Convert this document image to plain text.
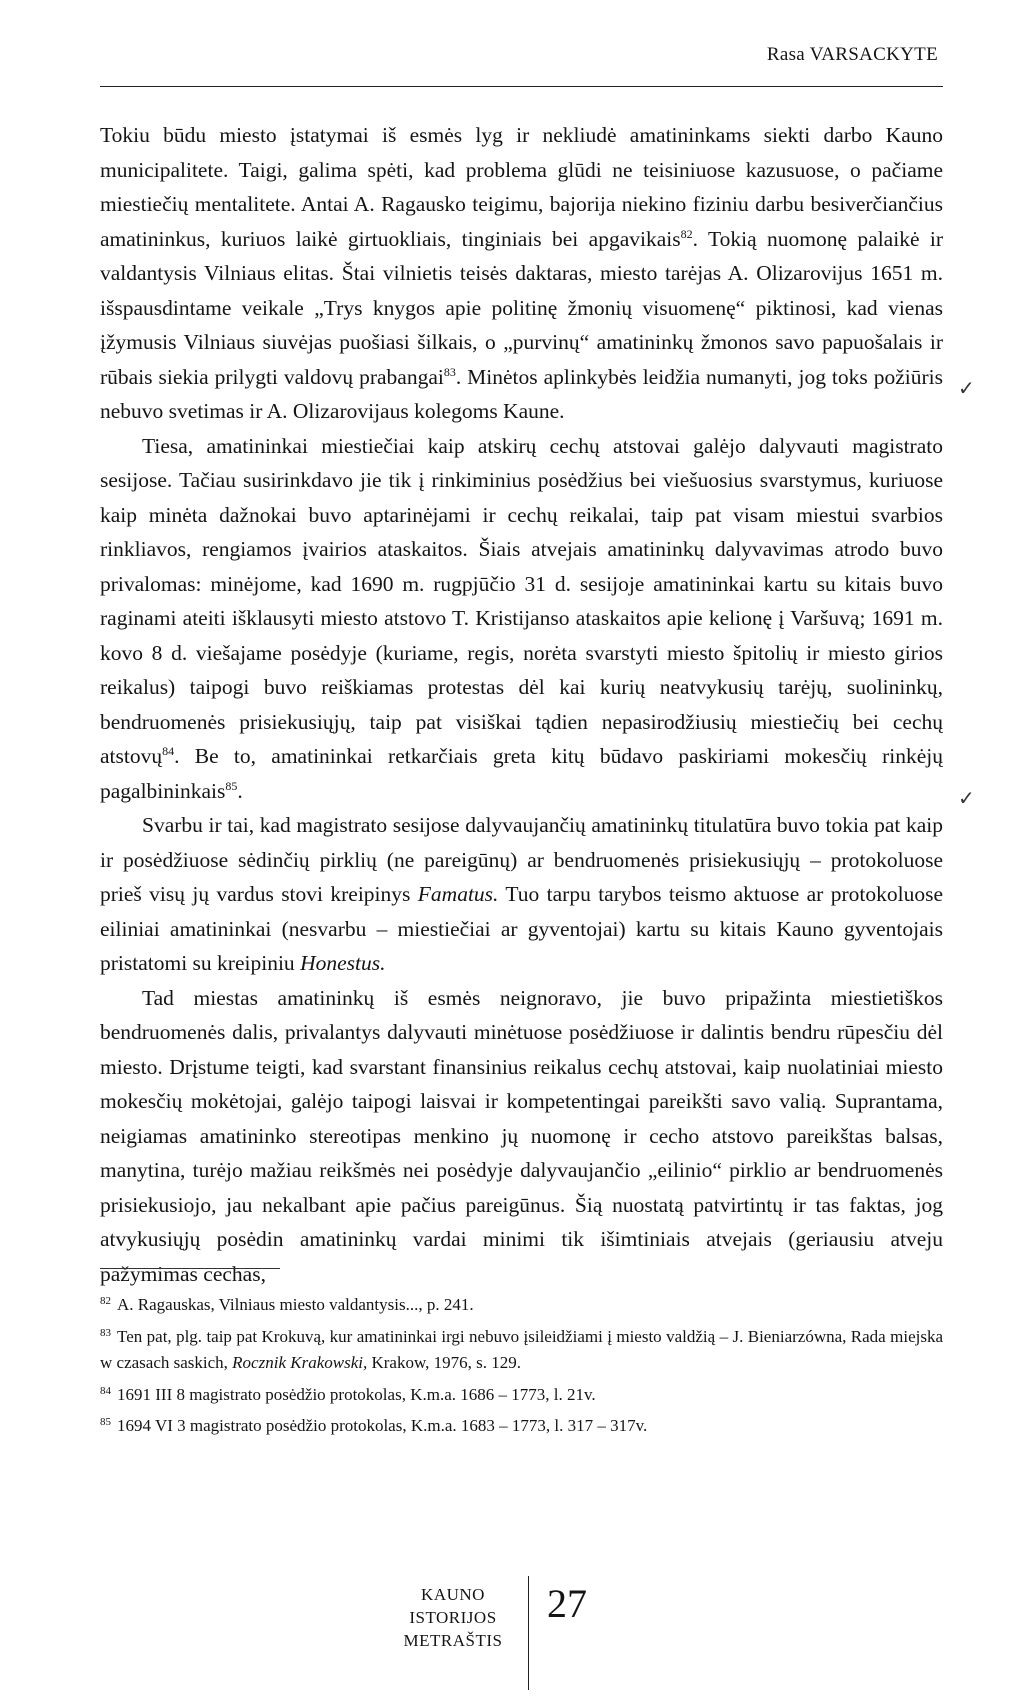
Rasa VARSACKYTE

Tokiu būdu miesto įstatymai iš esmės lyg ir nekliudė amatininkams siekti darbo Kauno municipalitete. Taigi, galima spėti, kad problema glūdi ne teisiniuose kazusuose, o pačiame miestiečių mentalitete. Antai A. Ragausko teigimu, bajorija niekino fiziniu darbu besiverčiančius amatininkus, kuriuos laikė girtuokliais, tinginiais bei apgavikais$^{82}$. Tokią nuomonę palaikė ir valdantysis Vilniaus elitas. Štai vilnietis teisės daktaras, miesto tarėjas A. Olizarovijus 1651 m. išspausdintame veikale „Trys knygos apie politinę žmonių visuomenę“ piktinosi, kad vienas įžymusis Vilniaus siuvėjas puošiasi šilkais, o „purvinų“ amatininkų žmonos savo papuošalais ir rūbais siekia prilygti valdovų prabangai$^{83}$. Minėtos aplinkybės leidžia numanyti, jog toks požiūris nebuvo svetimas ir A. Olizarovijaus kolegoms Kaune.

Tiesa, amatininkai miestiečiai kaip atskirų cechų atstovai galėjo dalyvauti magistrato sesijose. Tačiau susirinkdavo jie tik į rinkiminius posėdžius bei viešuosius svarstymus, kuriuose kaip minėta dažnokai buvo aptarinėjami ir cechų reikalai, taip pat visam miestui svarbios rinkliavos, rengiamos įvairios ataskaitos. Šiais atvejais amatininkų dalyvavimas atrodo buvo privalomas: minėjome, kad 1690 m. rugpjūčio 31 d. sesijoje amatininkai kartu su kitais buvo raginami ateiti išklausyti miesto atstovo T. Kristijanso ataskaitos apie kelionę į Varšuvą; 1691 m. kovo 8 d. viešajame posėdyje (kuriame, regis, norėta svarstyti miesto špitolių ir miesto girios reikalus) taipogi buvo reiškiamas protestas dėl kai kurių neatvykusių tarėjų, suolininkų, bendruomenės prisiekusiųjų, taip pat visiškai tądien nepasirodžiusių miestiečių bei cechų atstovų$^{84}$. Be to, amatininkai retkarčiais greta kitų būdavo paskiriami mokesčių rinkėjų pagalbininkais$^{85}$.

Svarbu ir tai, kad magistrato sesijose dalyvaujančių amatininkų titulatūra buvo tokia pat kaip ir posėdžiuose sėdinčių pirklių (ne pareigūnų) ar bendruomenės prisiekusiųjų – protokoluose prieš visų jų vardus stovi kreipinys Famatus. Tuo tarpu tarybos teismo aktuose ar protokoluose eiliniai amatininkai (nesvarbu – miestiečiai ar gyventojai) kartu su kitais Kauno gyventojais pristatomi su kreipiniu Honestus.

Tad miestas amatininkų iš esmės neignoravo, jie buvo pripažinta miestietiškos bendruomenės dalis, privalantys dalyvauti minėtuose posėdžiuose ir dalintis bendru rūpesčiu dėl miesto. Drįstume teigti, kad svarstant finansinius reikalus cechų atstovai, kaip nuolatiniai miesto mokesčių mokėtojai, galėjo taipogi laisvai ir kompetentingai pareikšti savo valią. Suprantama, neigiamas amatininko stereotipas menkino jų nuomonę ir cecho atstovo pareikštas balsas, manytina, turėjo mažiau reikšmės nei posėdyje dalyvaujančio „eilinio“ pirklio ar bendruomenės prisiekusiojo, jau nekalbant apie pačius pareigūnus. Šią nuostatą patvirtintų ir tas faktas, jog atvykusiųjų posėdin amatininkų vardai minimi tik išimtiniais atvejais (geriausiu atveju pažymimas cechas,

✓
✓

$^{82}$ A. Ragauskas, Vilniaus miesto valdantysis..., p. 241.

$^{83}$ Ten pat, plg. taip pat Krokuvą, kur amatininkai irgi nebuvo įsileidžiami į miesto valdžią – J. Bieniarzówna, Rada miejska w czasach saskich, Rocznik Krakowski, Krakow, 1976, s. 129.

$^{84}$ 1691 III 8 magistrato posėdžio protokolas, K.m.a. 1686 – 1773, l. 21v.

$^{85}$ 1694 VI 3 magistrato posėdžio protokolas, K.m.a. 1683 – 1773, l. 317 – 317v.

KAUNO
ISTORIJOS
METRAŠTIS
27
